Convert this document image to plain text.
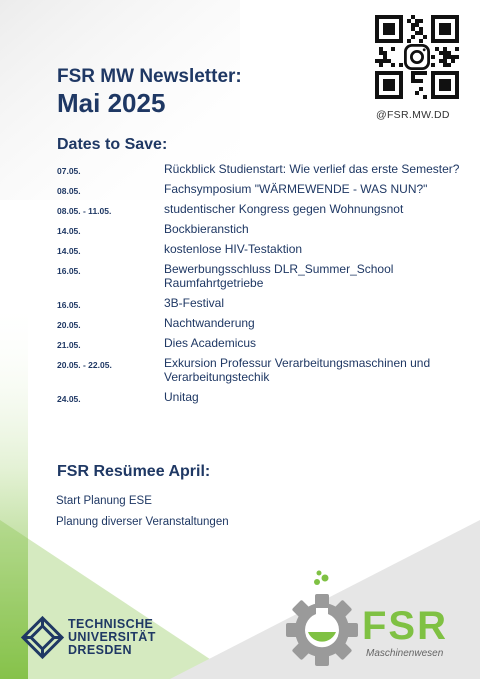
FSR MW Newsletter:
Mai 2025	@FSR.MW.DD
Dates to Save:
07.05.	Rückblick Studienstart: Wie verlief das erste Semester?
08.05.	Fachsymposium "WÄRMEWENDE - WAS NUN?"
08.05. - 11.05.	studentischer Kongress gegen Wohnungsnot
14.05.	Bockbieranstich
14.05.	kostenlose HIV-Testaktion
16.05.	Bewerbungsschluss DLR_Summer_School Raumfahrtgetriebe
16.05.	3B-Festival
20.05.	Nachtwanderung
21.05.	Dies Academicus
20.05. - 22.05.	Exkursion Professur Verarbeitungsmaschinen und Verarbeitungstechik
24.05.	Unitag
FSR Resümee April:
Start Planung ESE
Planung diverser Veranstaltungen
TECHNISCHE
UNIVERSITÄT
DRESDEN
FSR
Maschinenwesen
